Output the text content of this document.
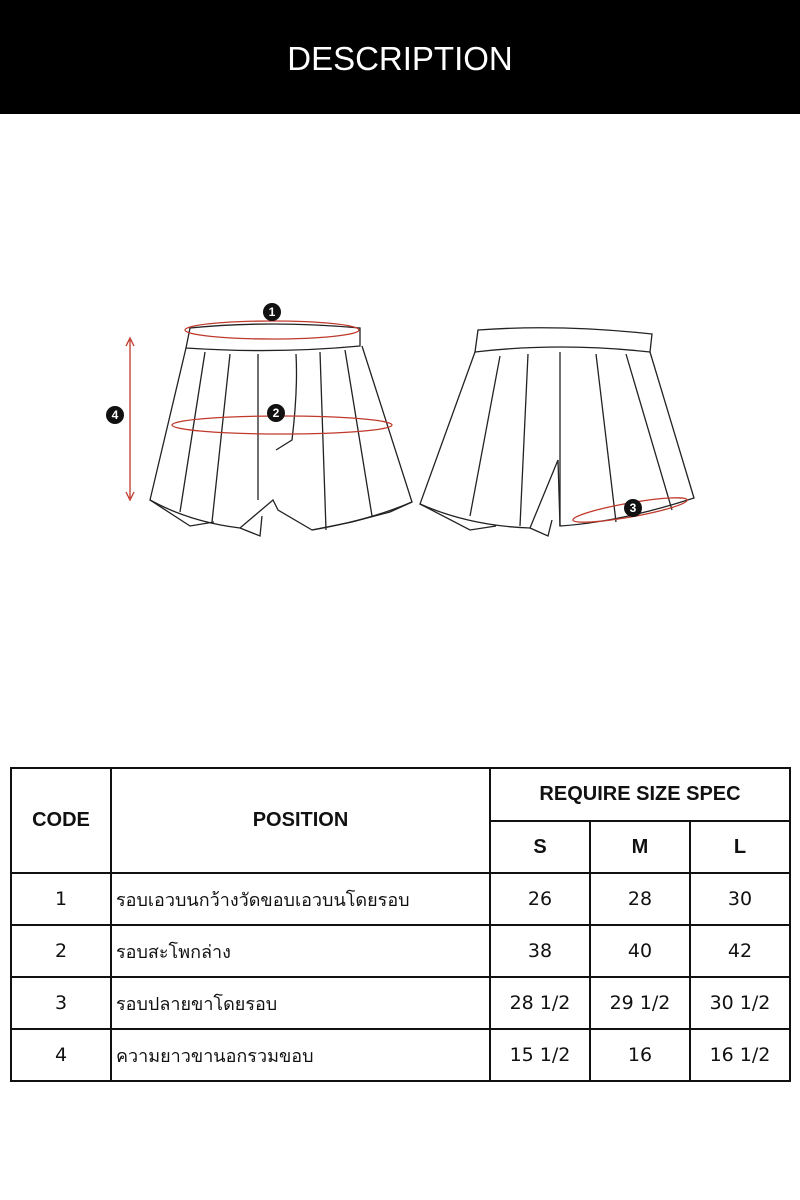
DESCRIPTION
1
2
3
4
CODE	POSITION	REQUIRE SIZE SPEC		
		S	M	L
1	รอบเอวบนกว้างวัดขอบเอวบนโดยรอบ	26	28	30
2	รอบสะโพกล่าง	38	40	42
3	รอบปลายขาโดยรอบ	28 1/2	29 1/2	30 1/2
4	ความยาวขานอกรวมขอบ	15 1/2	16	16 1/2
